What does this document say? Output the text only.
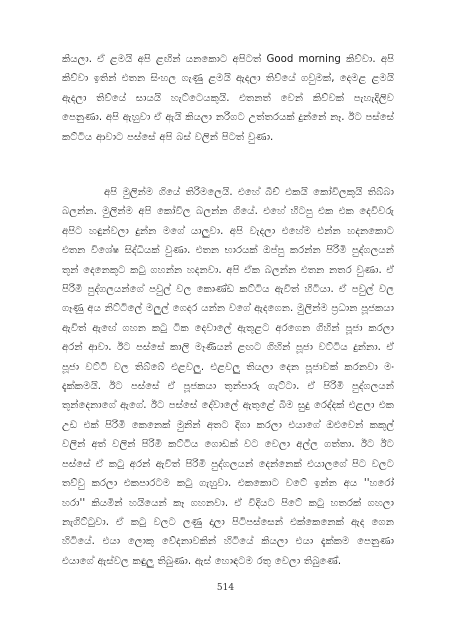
කියලා. ඒ ළමයි අපි ළඟින් යනකොට අපිටත් Good morning කිව්වා. අපි කිව්වා ඉතින් එතන සිංහල ගැණු ළමයි ඇදලා තිව්යේ ගවුමක්, දෙමළ ළමයි ඇදලා තිව්යේ සායයි හැට්ටෙයකුයි. එතනත් වෙන් කිව්වක් පැහැදිලිව පෙනුණා. අපි ඇහුවා ඒ ඇයි කියලා නරිගට උත්තරයක් දුන්නේ නෑ. ඊට පස්සේ කට්ටිය ආවාට පස්සේ අපි බස් වලින් පිටත් වුණා.

අපි මුලින්ම ගියේ තිරිමලෙයි. එහේ බීච් එකයි කෝවිලකුයි තිබ්බා බලන්න. මුලින්ම අපි කෝවිල බලන්න ගියේ. එහේ හිටපු එක එක දෙවිවරු අපිට හඳුන්වලා දුන්න මගේ යාලුවා. අපි වැදලා එහේම එන්න හදනකොට එතන විශේෂ සිද්ධියක් වුණා. එතන භාරයක් ඔප්පු කරන්න පිරිමි පුද්ගලයන් තුන් දෙනෙකුට කටු ගහන්න හදනවා. අපි ඒක බලන්න එතන නතර වුණා. ඒ පිරිමි පුද්ගලයන්ගේ පවුල් වල කොණ්ඩ කට්ටිය ඇවිත් හිටියා. ඒ පවුල් වල ගෑණු අය නිට්ටිලේ මලුල් ගෙදර යන්න වගේ ඇදගෙන. මුලින්ම ප්‍රධාන පූජකයා ඇවිත් ඇඟේ ගහන කටු ටික දෙවාලේ ඇතුළට අරගෙන ගිහින් පූජා කරලා අරන් ආවා. ඊට පස්සේ කාලි මෑණියන් ළඟට ගිහින් පූජා වට්ටිය දුන්නා. ඒ පූජා වට්ටි වල තිබ්බේ එළවලු. එළවලු තියලා දෙන පූජාවක් කරනවා මං දැක්කමයි. ඊට පස්සේ ඒ පූජකයා තුන්පාරු ගැට්ටා. ඒ පිරිමි පුද්ගලයන් තුන්දෙනාගේ ඇගේ. ඊට පස්සේ දේවාලේ ඇතුළේ බිම සුදු රෙද්දක් එළලා එක උඩ එක් පිරිමි කෙනෙක් මුනින් අතට දිගා කරලා එයාගේ ඔළුවෙන් කකුල් වලින් අත් වලින් පිරිමි කට්ටිය ගොඩක් වට වෙලා අල්ල ගත්තා. ඊට ඊට පස්සේ ඒ කටු අරන් ඇවිත් පිරිමි පුද්ගලයන් දෙන්නෙක් එයාලගේ පිට වලට තව්වු කරලා එකපාරටම කටු ගැහුවා. එකකොට වටේ ඉන්න අය ''හරෝ හරා'' කියමින් හයියෙන් කෑ ගහනවා. ඒ විදියට පිටේ කටු හතරක් ගහලා නැගිට්ටුවා. ඒ කටු වලට ලණු දාලා පිටිපස්සෙන් එක්කෙනෙක් ඇද ගෙන හිටියේ. එයා ලොකු වේදනාවකින් හිටියේ කියලා එයා දැක්කම පෙනුණා එයාගේ ඇස්වල කඳුලු තිබුණා. ඇස් හොඳටම රතු වෙලා තිබුණේ.

514
